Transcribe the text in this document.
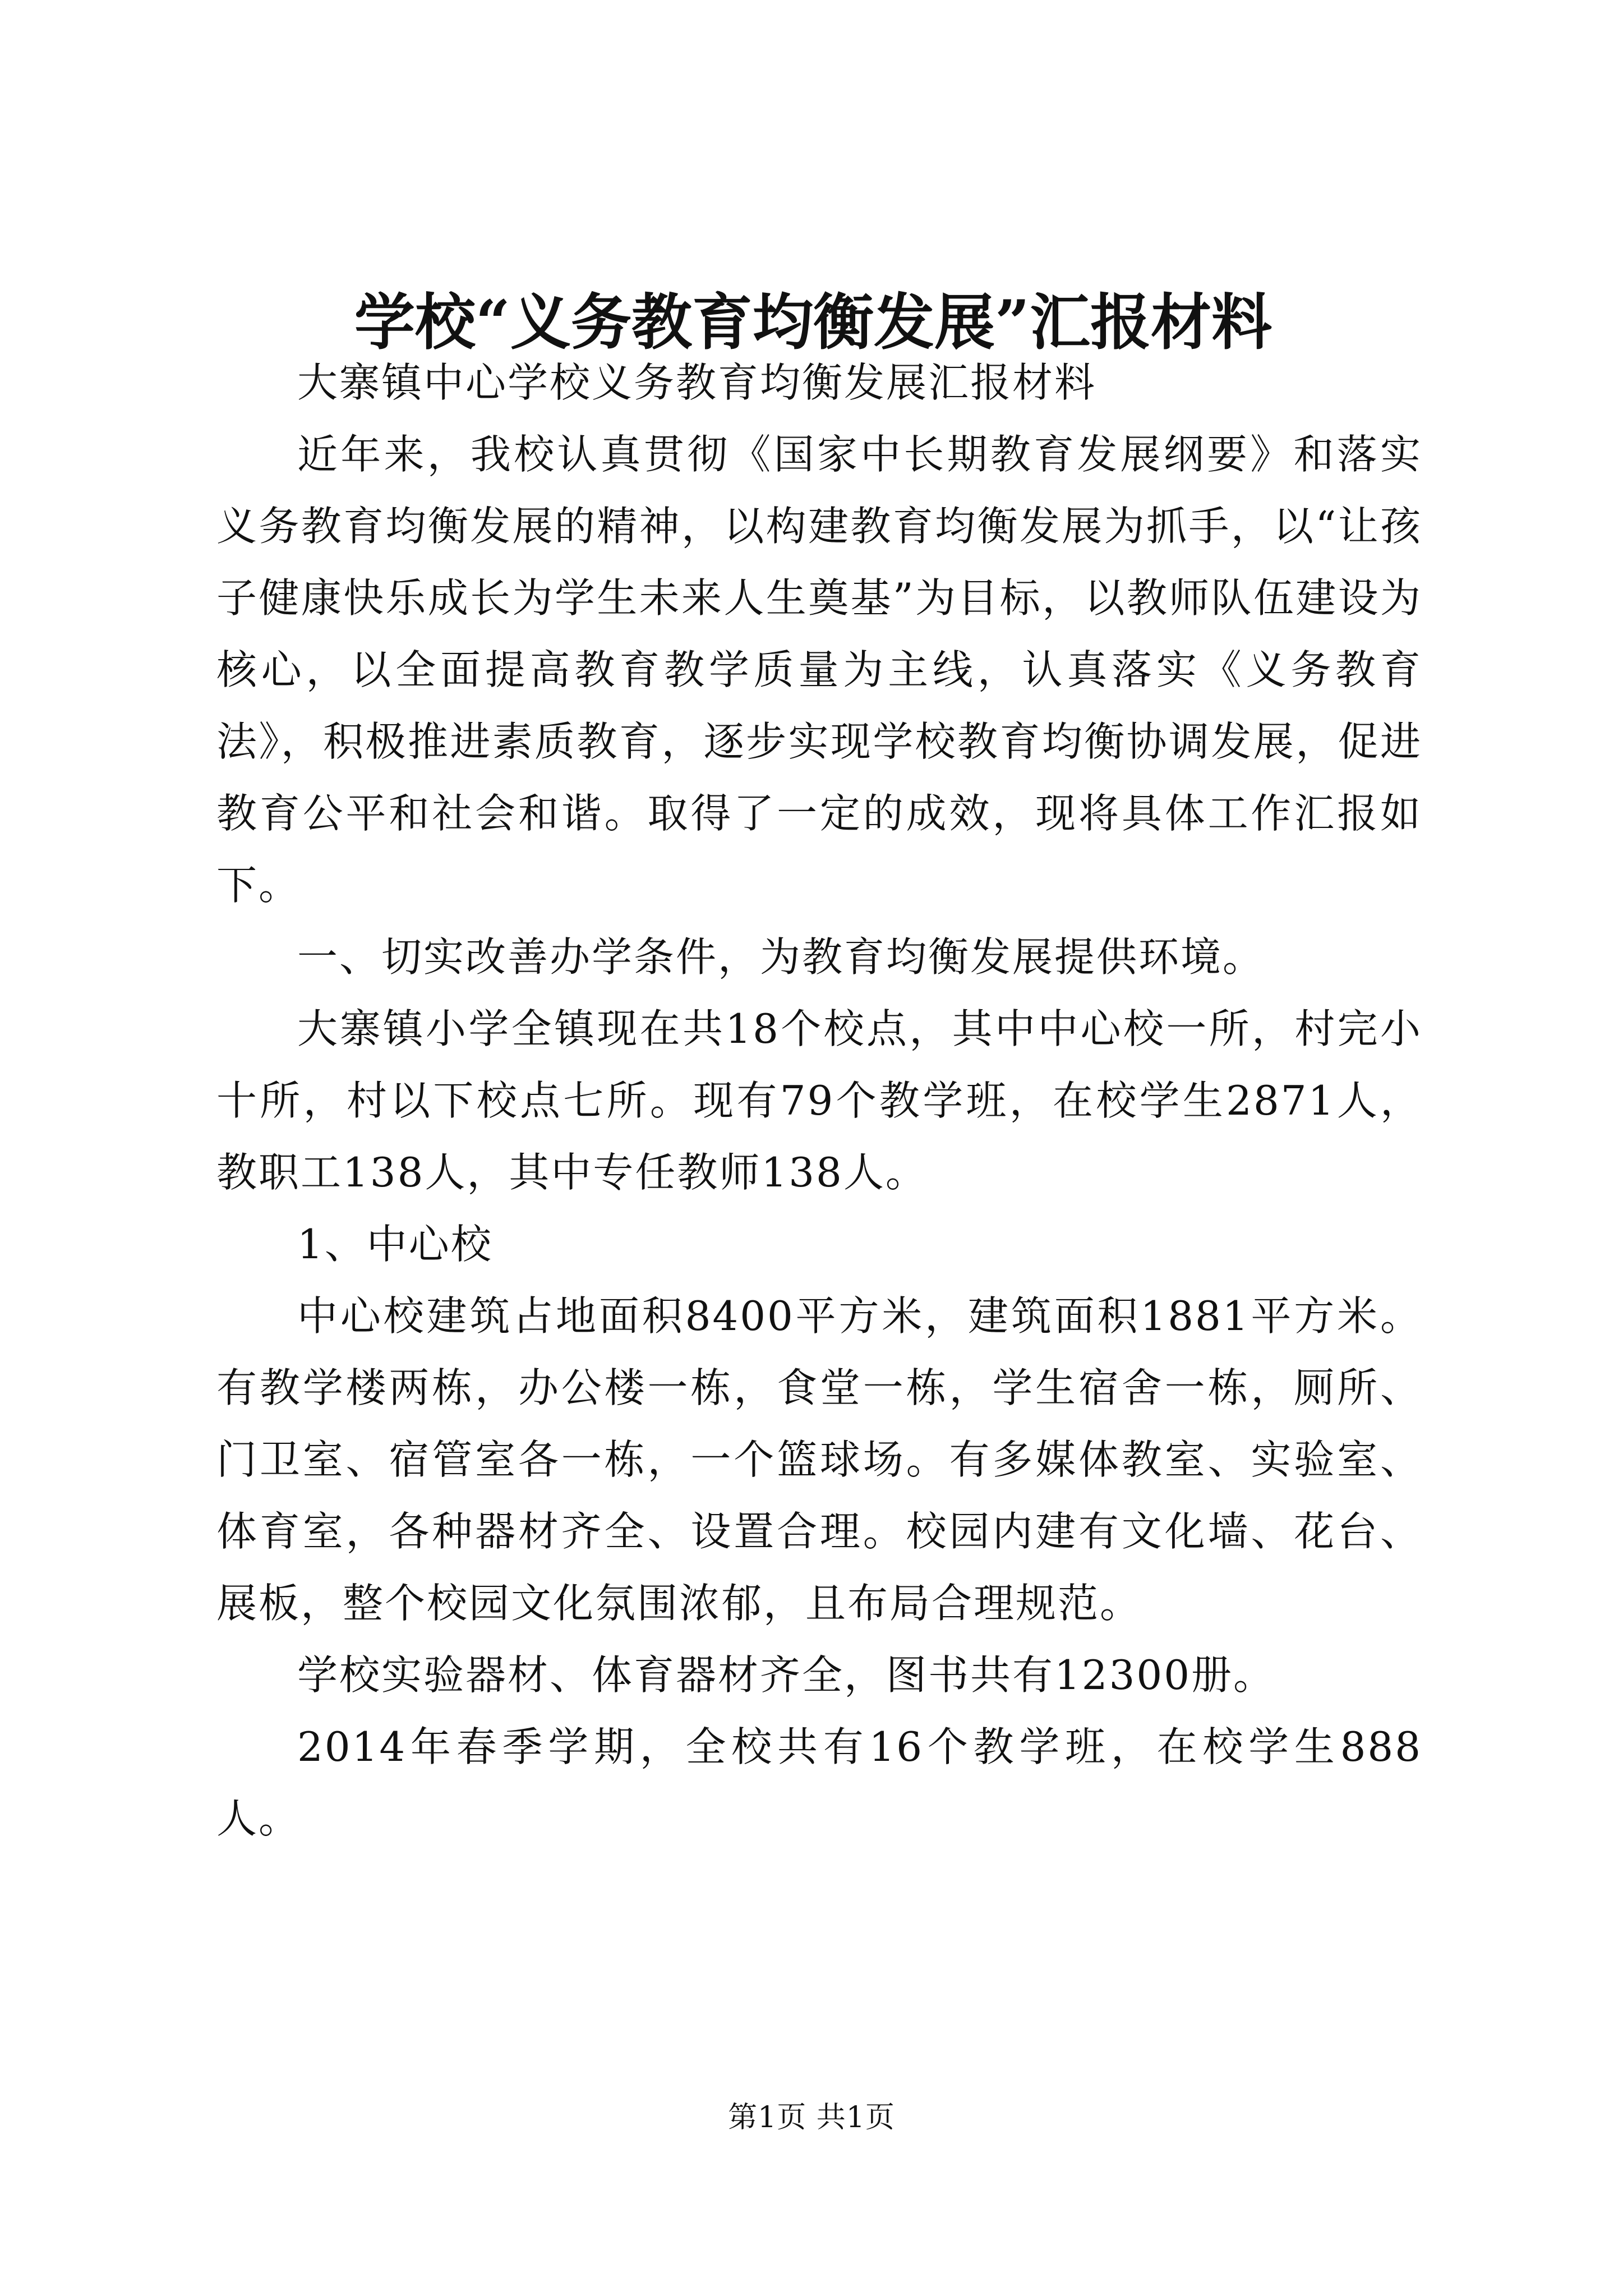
学校“义务教育均衡发展”汇报材料

大寨镇中心学校义务教育均衡发展汇报材料

近年来，我校认真贯彻《国家中长期教育发展纲要》和落实义务教育均衡发展的精神，以构建教育均衡发展为抓手，以“让孩子健康快乐成长为学生未来人生奠基”为目标，以教师队伍建设为核心，以全面提高教育教学质量为主线，认真落实《义务教育法》，积极推进素质教育，逐步实现学校教育均衡协调发展，促进教育公平和社会和谐。取得了一定的成效，现将具体工作汇报如下。

一、切实改善办学条件，为教育均衡发展提供环境。

大寨镇小学全镇现在共18个校点，其中中心校一所，村完小十所，村以下校点七所。现有79个教学班，在校学生2871人，教职工138人，其中专任教师138人。

1、中心校

中心校建筑占地面积8400平方米，建筑面积1881平方米。有教学楼两栋，办公楼一栋，食堂一栋，学生宿舍一栋，厕所、门卫室、宿管室各一栋，一个篮球场。有多媒体教室、实验室、体育室，各种器材齐全、设置合理。校园内建有文化墙、花台、展板，整个校园文化氛围浓郁，且布局合理规范。

学校实验器材、体育器材齐全，图书共有12300册。

2014年春季学期，全校共有16个教学班，在校学生888人。

第1页 共1页
